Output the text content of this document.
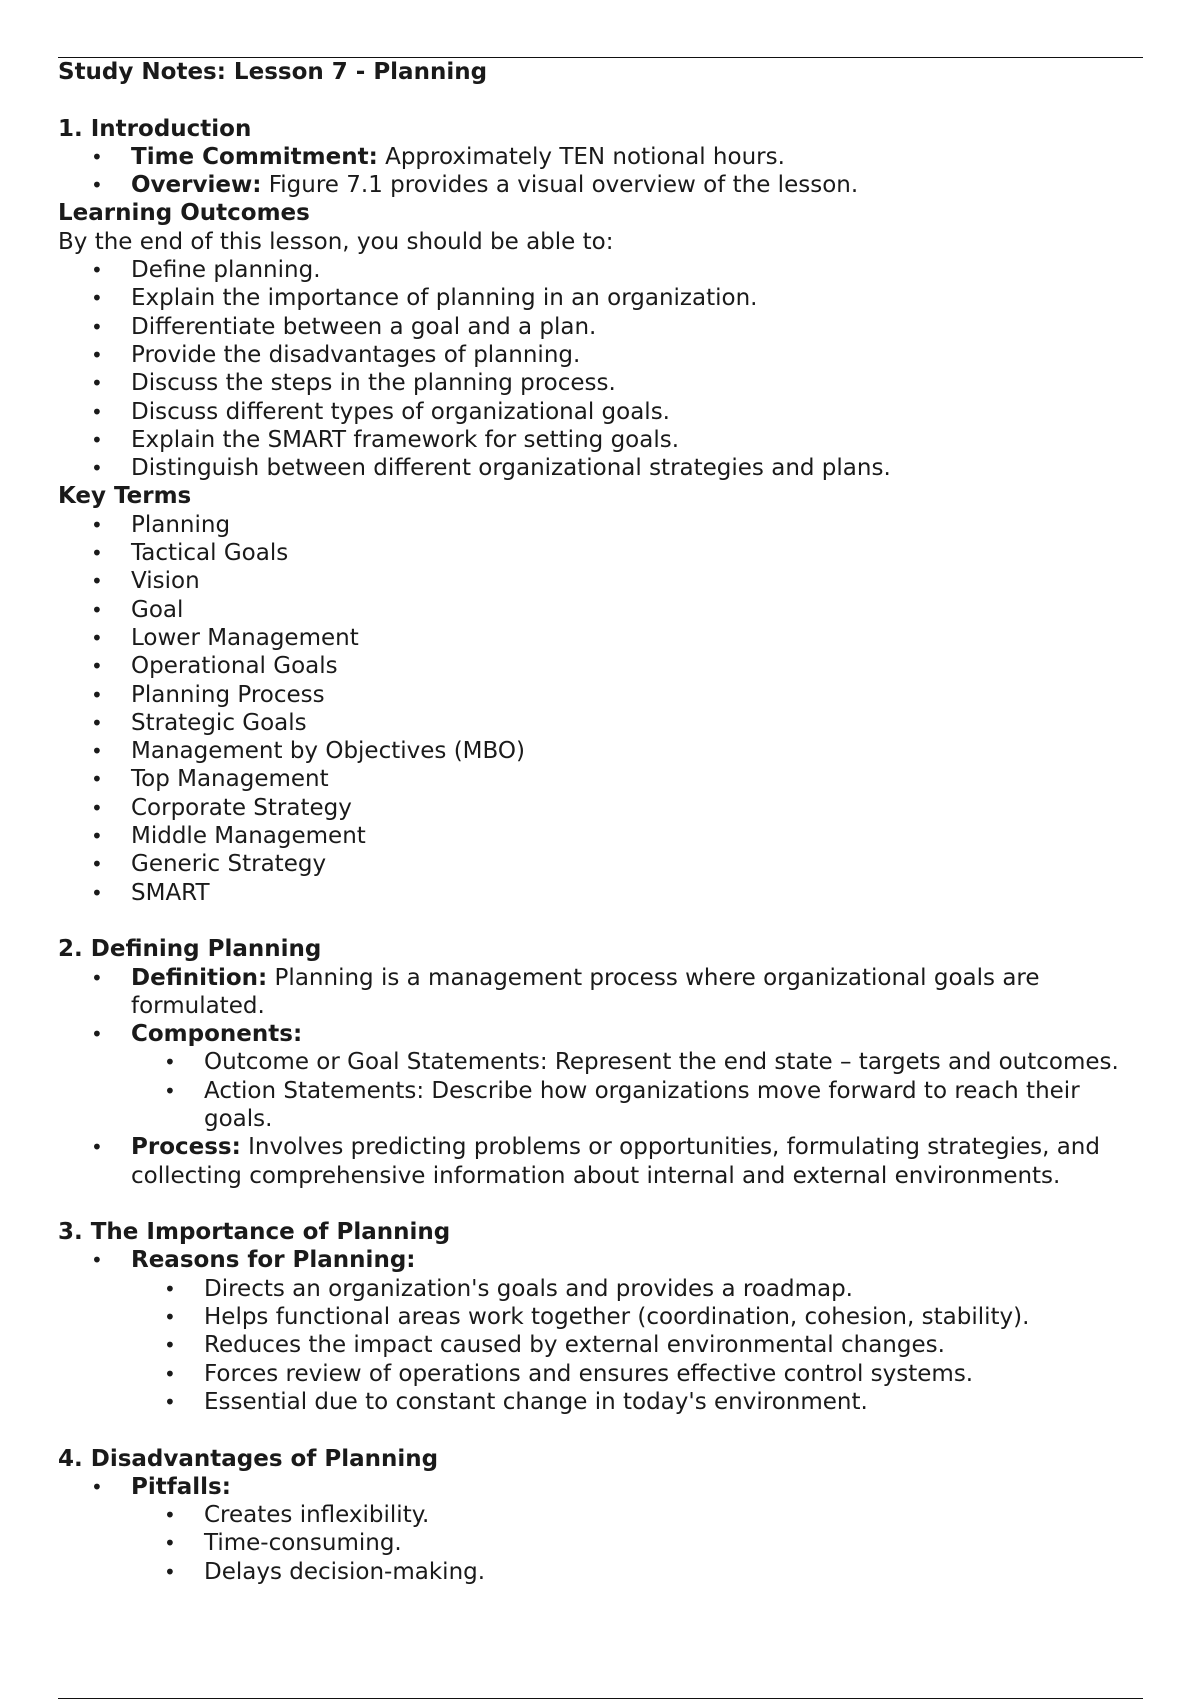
Study Notes: Lesson 7 - Planning
1. Introduction
• Time Commitment: Approximately TEN notional hours.
• Overview: Figure 7.1 provides a visual overview of the lesson.
Learning Outcomes

By the end of this lesson, you should be able to:

• Define planning.
• Explain the importance of planning in an organization.
• Differentiate between a goal and a plan.
• Provide the disadvantages of planning.
• Discuss the steps in the planning process.
• Discuss different types of organizational goals.
• Explain the SMART framework for setting goals.
• Distinguish between different organizational strategies and plans.
Key Terms
• Planning
• Tactical Goals
• Vision
• Goal
• Lower Management
• Operational Goals
• Planning Process
• Strategic Goals
• Management by Objectives (MBO)
• Top Management
• Corporate Strategy
• Middle Management
• Generic Strategy
• SMART
2. Defining Planning
• Definition: Planning is a management process where organizational goals are formulated.
• Components:
• Outcome or Goal Statements: Represent the end state – targets and outcomes.
• Action Statements: Describe how organizations move forward to reach their goals.
• Process: Involves predicting problems or opportunities, formulating strategies, and collecting comprehensive information about internal and external environments.
3. The Importance of Planning
• Reasons for Planning:
• Directs an organization's goals and provides a roadmap.
• Helps functional areas work together (coordination, cohesion, stability).
• Reduces the impact caused by external environmental changes.
• Forces review of operations and ensures effective control systems.
• Essential due to constant change in today's environment.
4. Disadvantages of Planning
• Pitfalls:
• Creates inflexibility.
• Time-consuming.
• Delays decision-making.
